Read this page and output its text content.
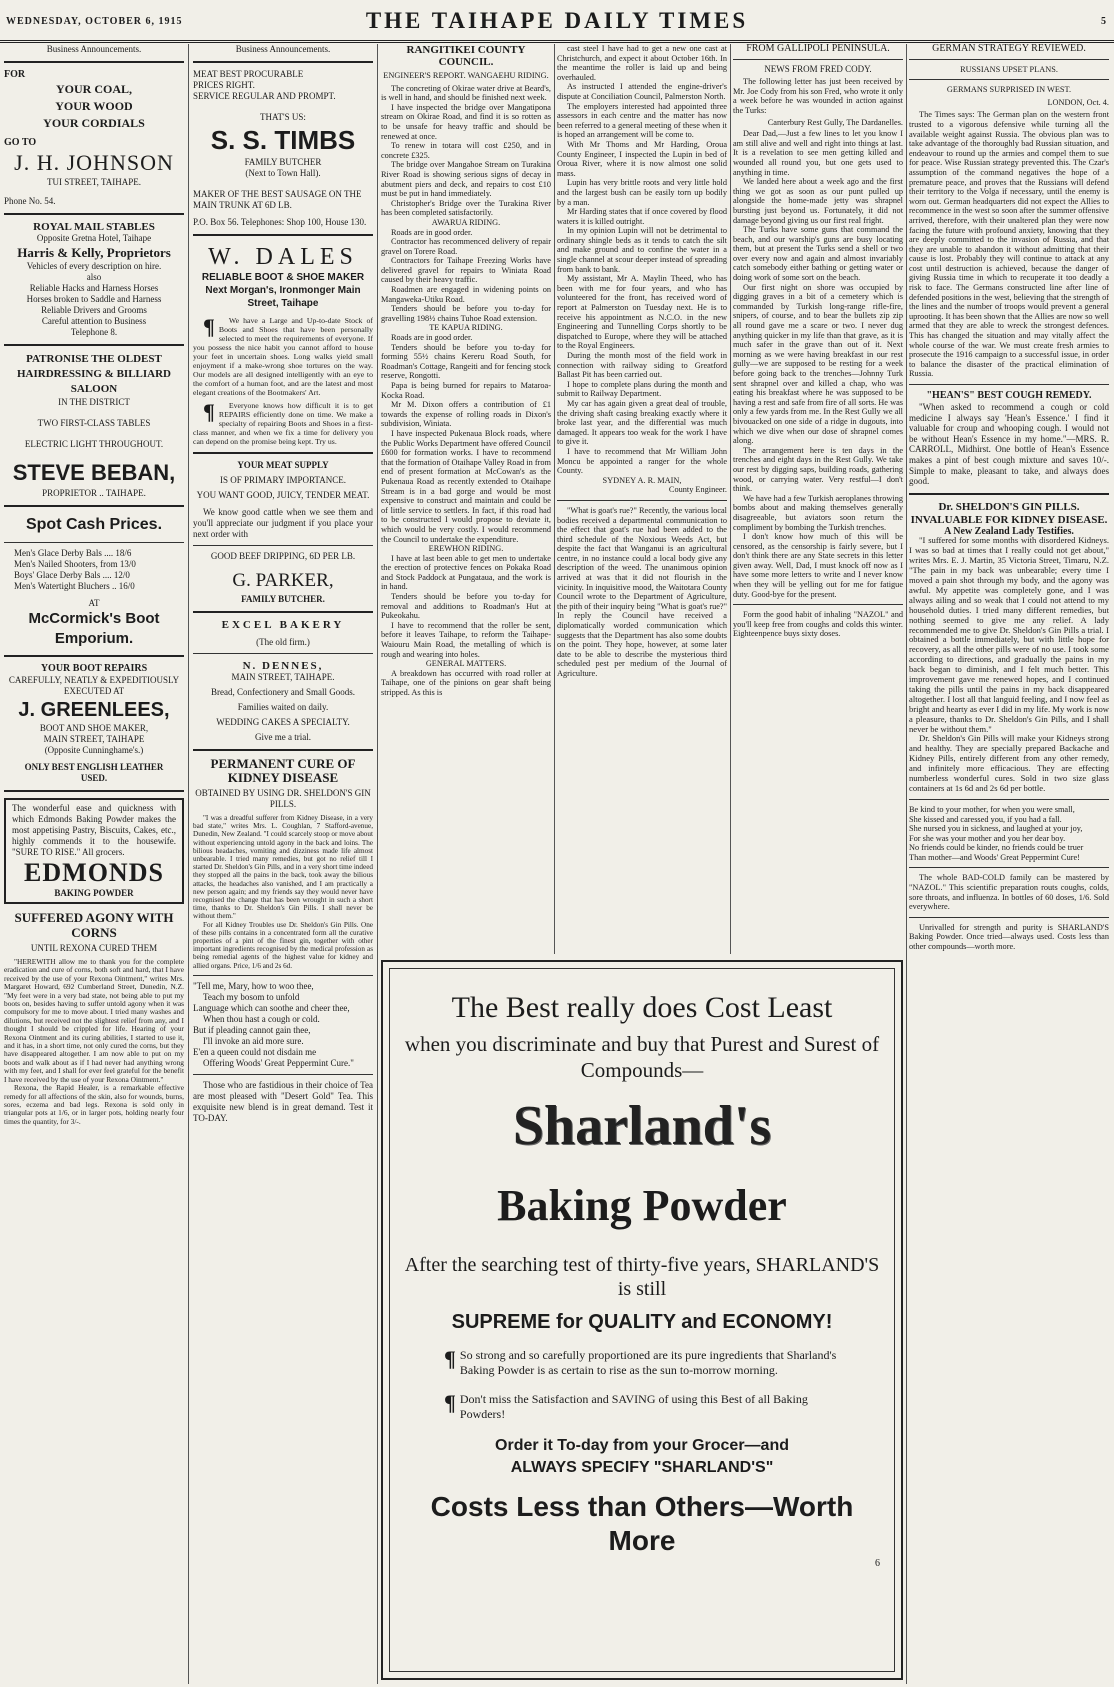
WEDNESDAY, OCTOBER 6, 1915	THE TAIHAPE DAILY TIMES	5
Business Announcements.
FOR
YOUR COAL,
YOUR WOOD
YOUR CORDIALS
GO TO
J. H. JOHNSON
TUI STREET, TAIHAPE.
Phone No. 54.
ROYAL MAIL STABLES
Opposite Gretna Hotel, Taihape
Harris & Kelly, Proprietors
Vehicles of every description on hire.
also
Reliable Hacks and Harness Horses
Horses broken to Saddle and Harness
Reliable Drivers and Grooms
Careful attention to Business
Telephone 8.
PATRONISE THE OLDEST
HAIRDRESSING & BILLIARD
SALOON
IN THE DISTRICT
TWO FIRST-CLASS TABLES
ELECTRIC LIGHT THROUGHOUT.
STEVE BEBAN,
PROPRIETOR .. TAIHAPE.
Spot Cash Prices.
Men's Glace Derby Bals .... 18/6
Men's Nailed Shooters, from 13/0
Boys' Glace Derby Bals .... 12/0
Men's Watertight Bluchers .. 16/0
AT
McCormick's Boot Emporium.
YOUR BOOT REPAIRS
CAREFULLY, NEATLY & EXPEDITIOUSLY EXECUTED AT
J. GREENLEES,
BOOT AND SHOE MAKER,
MAIN STREET, TAIHAPE
(Opposite Cunninghame's.)
ONLY BEST ENGLISH LEATHER
USED.
The wonderful ease and quickness with which Edmonds Baking Powder makes the most appetising Pastry, Biscuits, Cakes, etc., highly commends it to the housewife. "SURE TO RISE." All grocers.
EDMONDS
BAKING POWDER
SUFFERED AGONY WITH CORNS
UNTIL REXONA CURED THEM
"HEREWITH allow me to thank you for the complete eradication and cure of corns, both soft and hard, that I have received by the use of your Rexona Ointment," writes Mrs. Margaret Howard, 692 Cumberland Street, Dunedin, N.Z. "My feet were in a very bad state, not being able to put my boots on, besides having to suffer untold agony when it was compulsory for me to move about. I tried many washes and dilutions, but received not the slightest relief from any, and I thought I should be crippled for life. Hearing of your Rexona Ointment and its curing abilities, I started to use it, and it has, in a short time, not only cured the corns, but they have disappeared altogether. I am now able to put on my boots and walk about as if I had never had anything wrong with my feet, and I shall for ever feel grateful for the benefit I have received by the use of your Rexona Ointment."
Rexona, the Rapid Healer, is a remarkable effective remedy for all affections of the skin, also for wounds, burns, sores, eczema and bad legs. Rexona is sold only in triangular pots at 1/6, or in larger pots, holding nearly four times the quantity, for 3/-.
Business Announcements.
MEAT BEST PROCURABLE
PRICES RIGHT.
SERVICE REGULAR AND PROMPT.
THAT'S US:
S. S. TIMBS
FAMILY BUTCHER
(Next to Town Hall).
MAKER OF THE BEST SAUSAGE ON THE MAIN TRUNK AT 6D LB.
P.O. Box 56. Telephones: Shop 100, House 130.
W. DALES
RELIABLE BOOT & SHOE MAKER
Next Morgan's, Ironmonger Main Street, Taihape
¶ We have a Large and Up-to-date Stock of Boots and Shoes that have been personally selected to meet the requirements of everyone. If you possess the nice habit you cannot afford to house your feet in uncertain shoes. Long walks yield small enjoyment if a make-wrong shoe tortures on the way. Our models are all designed intelligently with an eye to the comfort of a human foot, and are the latest and most elegant creations of the Bootmakers' Art.
¶ Everyone knows how difficult it is to get REPAIRS efficiently done on time. We make a specialty of repairing Boots and Shoes in a first-class manner, and when we fix a time for delivery you can depend on the promise being kept. Try us.
YOUR MEAT SUPPLY
IS OF PRIMARY IMPORTANCE.
YOU WANT GOOD, JUICY, TENDER MEAT.
We know good cattle when we see them and you'll appreciate our judgment if you place your next order with
GOOD BEEF DRIPPING, 6D PER LB.
G. PARKER,
FAMILY BUTCHER.
EXCEL BAKERY
(The old firm.)
N. DENNES,
MAIN STREET, TAIHAPE.
Bread, Confectionery and Small Goods.
Families waited on daily.
WEDDING CAKES A SPECIALTY.
Give me a trial.
PERMANENT CURE OF KIDNEY DISEASE
OBTAINED BY USING DR. SHELDON'S GIN PILLS.
"I was a dreadful sufferer from Kidney Disease, in a very bad state," writes Mrs. L. Coughlan, 7 Stafford-avenue, Dunedin, New Zealand. "I could scarcely stoop or move about without experiencing untold agony in the back and loins. The bilious headaches, vomiting and dizziness made life almost unbearable. I tried many remedies, but got no relief till I started Dr. Sheldon's Gin Pills, and in a very short time indeed they stopped all the pains in the back, took away the bilious attacks, the headaches also vanished, and I am practically a new person again; and my friends say they would never have recognised the change that has been wrought in such a short time, thanks to Dr. Sheldon's Gin Pills. I shall never be without them."
For all Kidney Troubles use Dr. Sheldon's Gin Pills. One of these pills contains in a concentrated form all the curative properties of a pint of the finest gin, together with other important ingredients recognised by the medical profession as being remedial agents of the highest value for kidney and allied organs. Price, 1/6 and 2s 6d.
"Tell me, Mary, how to woo thee,
Teach my bosom to unfold
Language which can soothe and cheer thee,
When thou hast a cough or cold.
But if pleading cannot gain thee,
I'll invoke an aid more sure.
E'en a queen could not disdain me
Offering Woods' Great Peppermint Cure."
Those who are fastidious in their choice of Tea are most pleased with "Desert Gold" Tea. This exquisite new blend is in great demand. Test it TO-DAY.
RANGITIKEI COUNTY COUNCIL.
ENGINEER'S REPORT. WANGAEHU RIDING.

The concreting of Okirae water drive at Beard's, is well in hand, and should be finished next week.

I have inspected the bridge over Mangatipona stream on Okirae Road, and find it is so rotten as to be unsafe for heavy traffic and should be renewed at once.

To renew in totara will cost £250, and in concrete £325.

The bridge over Mangahoe Stream on Turakina River Road is showing serious signs of decay in abutment piers and deck, and repairs to cost £10 must be put in hand immediately.

Christopher's Bridge over the Turakina River has been completed satisfactorily.

AWARUA RIDING.

Roads are in good order.

Contractor has recommenced delivery of repair gravel on Torere Road.

Contractors for Taihape Freezing Works have delivered gravel for repairs to Winiata Road caused by their heavy traffic.

Roadmen are engaged in widening points on Mangaweka-Utiku Road.

Tenders should be before you to-day for gravelling 198½ chains Tuhoe Road extension.

TE KAPUA RIDING.

Roads are in good order.

Tenders should be before you to-day for forming 55½ chains Kereru Road South, for Roadman's Cottage, Rangeiti and for fencing stock reserve, Rongotti.

Papa is being burned for repairs to Mataroa-Kocka Road.

Mr M. Dixon offers a contribution of £1 towards the expense of rolling roads in Dixon's subdivision, Winiata.

I have inspected Pukenaua Block roads, where the Public Works Department have offered Council £600 for formation works. I have to recommend that the formation of Otaihape Valley Road in from end of present formation at McCowan's as the Pukenaua Road as recently extended to Otaihape Stream is in a bad gorge and would be most expensive to construct and maintain and could be of little service to settlers. In fact, if this road had to be constructed I would propose to deviate it, which would be very costly. I would recommend the Council to undertake the expenditure.

EREWHON RIDING.

I have at last been able to get men to undertake the erection of protective fences on Pokaka Road and Stock Paddock at Pungataua, and the work is in hand.

Tenders should be before you to-day for removal and additions to Roadman's Hut at Pukeokahu.

I have to recommend that the roller be sent, before it leaves Taihape, to reform the Taihape-Waiouru Main Road, the metalling of which is rough and wearing into holes.

GENERAL MATTERS.

A breakdown has occurred with road roller at Taihape, one of the pinions on gear shaft being stripped. As this is

cast steel I have had to get a new one cast at Christchurch, and expect it about October 16th. In the meantime the roller is laid up and being overhauled.

As instructed I attended the engine-driver's dispute at Conciliation Council, Palmerston North.

The employers interested had appointed three assessors in each centre and the matter has now been referred to a general meeting of these when it is hoped an arrangement will be come to.

With Mr Thoms and Mr Harding, Oroua County Engineer, I inspected the Lupin in bed of Oroua River, where it is now almost one solid mass.

Lupin has very brittle roots and very little hold and the largest bush can be easily torn up bodily by a man.

Mr Harding states that if once covered by flood waters it is killed outright.

In my opinion Lupin will not be detrimental to ordinary shingle beds as it tends to catch the silt and make ground and to confine the water in a single channel at scour deeper instead of spreading from bank to bank.

My assistant, Mr A. Maylin Theed, who has been with me for four years, and who has volunteered for the front, has received word of report at Palmerston on Tuesday next. He is to receive his appointment as N.C.O. in the new Engineering and Tunnelling Corps shortly to be dispatched to Europe, where they will be attached to the Royal Engineers.

During the month most of the field work in connection with railway siding to Greatford Ballast Pit has been carried out.

I hope to complete plans during the month and submit to Railway Department.

My car has again given a great deal of trouble, the driving shaft casing breaking exactly where it broke last year, and the differential was much damaged. It appears too weak for the work I have to give it.

I have to recommend that Mr William John Moncu be appointed a ranger for the whole County.

SYDNEY A. R. MAIN,
County Engineer.

"What is goat's rue?" Recently, the various local bodies received a departmental communication to the effect that goat's rue had been added to the third schedule of the Noxious Weeds Act, but despite the fact that Wanganui is an agricultural centre, in no instance could a local body give any description of the weed. The unanimous opinion arrived at was that it did not flourish in the vicinity. In inquisitive mood, the Waitotara County Council wrote to the Department of Agriculture, the pith of their inquiry being "What is goat's rue?" In reply the Council have received a diplomatically worded communication which suggests that the Department has also some doubts on the point. They hope, however, at some later date to be able to describe the mysterious third scheduled pest per medium of the Journal of Agriculture.

FROM GALLIPOLI PENINSULA.
NEWS FROM FRED CODY.

The following letter has just been received by Mr. Joe Cody from his son Fred, who wrote it only a week before he was wounded in action against the Turks:

Canterbury Rest Gully, The Dardanelles.

Dear Dad,—Just a few lines to let you know I am still alive and well and right into things at last. It is a revelation to see men getting killed and wounded all round you, but one gets used to anything in time.

We landed here about a week ago and the first thing we got as soon as our punt pulled up alongside the home-made jetty was shrapnel bursting just beyond us. Fortunately, it did not damage beyond giving us our first real fright.

The Turks have some guns that command the beach, and our warship's guns are busy locating them, but at present the Turks send a shell or two over every now and again and almost invariably catch somebody either bathing or getting water or doing work of some sort on the beach.

Our first night on shore was occupied by digging graves in a bit of a cemetery which is commanded by Turkish long-range rifle-fire, snipers, of course, and to bear the bullets zip zip all round gave me a scare or two. I never dug anything quicker in my life than that grave, as it is much safer in the grave than out of it. Next morning as we were having breakfast in our rest gully—we are supposed to be resting for a week before going back to the trenches—Johnny Turk sent shrapnel over and killed a chap, who was eating his breakfast where he was supposed to be having a rest and safe from fire of all sorts. He was only a few yards from me. In the Rest Gully we all bivouacked on one side of a ridge in dugouts, into which we dive when our dose of shrapnel comes along.

The arrangement here is ten days in the trenches and eight days in the Rest Gully. We take our rest by digging saps, building roads, gathering wood, or carrying water. Very restful—I don't think.

We have had a few Turkish aeroplanes throwing bombs about and making themselves generally disagreeable, but aviators soon return the compliment by bombing the Turkish trenches.

I don't know how much of this will be censored, as the censorship is fairly severe, but I don't think there are any State secrets in this letter given away. Well, Dad, I must knock off now as I have some more letters to write and I never know when they will be yelling out for me for fatigue duty. Good-bye for the present.

Form the good habit of inhaling "NAZOL" and you'll keep free from coughs and colds this winter. Eighteenpence buys sixty doses.

GERMAN STRATEGY REVIEWED.
RUSSIANS UPSET PLANS.
GERMANS SURPRISED IN WEST.
LONDON, Oct. 4.

The Times says: The German plan on the western front trusted to a vigorous defensive while turning all the available weight against Russia. The obvious plan was to take advantage of the thoroughly bad Russian situation, and endeavour to round up the armies and compel them to sue for peace. Wise Russian strategy prevented this. The Czar's assumption of the command negatives the hope of a premature peace, and proves that the Russians will defend their territory to the Volga if necessary, until the enemy is worn out. German headquarters did not expect the Allies to recommence in the west so soon after the summer offensive arrived, therefore, with their unaltered plan they were now facing the future with profound anxiety, knowing that they are deeply committed to the invasion of Russia, and that they are unable to abandon it without admitting that their cause is lost. Probably they will continue to attack at any cost until destruction is achieved, because the danger of giving Russia time in which to recuperate it too deadly a risk to face. The Germans constructed line after line of defended positions in the west, believing that the strength of the lines and the number of troops would prevent a general uprooting. It has been shown that the Allies are now so well armed that they are able to wreck the strongest defences. This has changed the situation and may vitally affect the whole course of the war. We must create fresh armies to prosecute the 1916 campaign to a successful issue, in order to balance the disaster of the practical elimination of Russia.

"HEAN'S" BEST COUGH REMEDY.

"When asked to recommend a cough or cold medicine I always say 'Hean's Essence.' I find it valuable for croup and whooping cough. I would not be without Hean's Essence in my home."—MRS. R. CARROLL, Midhirst. One bottle of Hean's Essence makes a pint of best cough mixture and saves 10/-. Simple to make, pleasant to take, and always does good.

Dr. SHELDON'S GIN PILLS. INVALUABLE FOR KIDNEY DISEASE.
A New Zealand Lady Testifies.

"I suffered for some months with disordered Kidneys. I was so bad at times that I really could not get about," writes Mrs. E. J. Martin, 35 Victoria Street, Timaru, N.Z. "The pain in my back was unbearable; every time I moved a pain shot through my body, and the agony was awful. My appetite was completely gone, and I was always ailing and so weak that I could not attend to my household duties. I tried many different remedies, but nothing seemed to give me any relief. A lady recommended me to give Dr. Sheldon's Gin Pills a trial. I obtained a bottle immediately, but with little hope for recovery, as all the other pills were of no use. I took some according to directions, and gradually the pains in my back began to diminish, and I felt much better. This improvement gave me renewed hopes, and I continued taking the pills until the pains in my back disappeared altogether. I lost all that languid feeling, and I now feel as bright and hearty as ever I did in my life. My work is now a pleasure, thanks to Dr. Sheldon's Gin Pills, and I shall never be without them."

Dr. Sheldon's Gin Pills will make your Kidneys strong and healthy. They are specially prepared Backache and Kidney Pills, entirely different from any other remedy, and infinitely more efficacious. They are effecting numberless wonderful cures. Sold in two size glass containers at 1s 6d and 2s 6d per bottle.

Be kind to your mother, for when you were small,
She kissed and caressed you, if you had a fall.
She nursed you in sickness, and laughed at your joy,
For she was your mother and you her dear boy.
No friends could be kinder, no friends could be truer
Than mother—and Woods' Great Peppermint Cure!

The whole BAD-COLD family can be mastered by "NAZOL." This scientific preparation routs coughs, colds, sore throats, and influenza. In bottles of 60 doses, 1/6. Sold everywhere.

Unrivalled for strength and purity is SHARLAND'S Baking Powder. Once tried—always used. Costs less than other compounds—worth more.

The Best really does Cost Least
when you discriminate and buy that Purest and Surest of Compounds—
Sharland's
Baking Powder
After the searching test of thirty-five years, SHARLAND'S is still
SUPREME for QUALITY and ECONOMY!
¶ So strong and so carefully proportioned are its pure ingredients that Sharland's Baking Powder is as certain to rise as the sun to-morrow morning.
¶ Don't miss the Satisfaction and SAVING of using this Best of all Baking Powders!
Order it To-day from your Grocer—and
ALWAYS SPECIFY "SHARLAND'S"
Costs Less than Others—Worth More
6
